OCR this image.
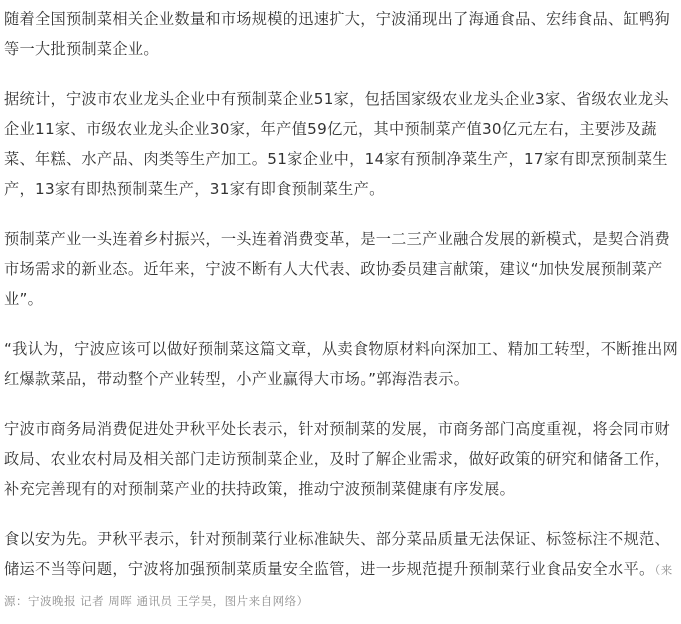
随着全国预制菜相关企业数量和市场规模的迅速扩大，宁波涌现出了海通食品、宏纬食品、缸鸭狗等一大批预制菜企业。

据统计，宁波市农业龙头企业中有预制菜企业51家，包括国家级农业龙头企业3家、省级农业龙头企业11家、市级农业龙头企业30家，年产值59亿元，其中预制菜产值30亿元左右，主要涉及蔬菜、年糕、水产品、肉类等生产加工。51家企业中，14家有预制净菜生产，17家有即烹预制菜生产，13家有即热预制菜生产，31家有即食预制菜生产。

预制菜产业一头连着乡村振兴，一头连着消费变革，是一二三产业融合发展的新模式，是契合消费市场需求的新业态。近年来，宁波不断有人大代表、政协委员建言献策，建议“加快发展预制菜产业”。

“我认为，宁波应该可以做好预制菜这篇文章，从卖食物原材料向深加工、精加工转型，不断推出网红爆款菜品，带动整个产业转型，小产业赢得大市场。”郭海浩表示。

宁波市商务局消费促进处尹秋平处长表示，针对预制菜的发展，市商务部门高度重视，将会同市财政局、农业农村局及相关部门走访预制菜企业，及时了解企业需求，做好政策的研究和储备工作，补充完善现有的对预制菜产业的扶持政策，推动宁波预制菜健康有序发展。

食以安为先。尹秋平表示，针对预制菜行业标准缺失、部分菜品质量无法保证、标签标注不规范、储运不当等问题，宁波将加强预制菜质量安全监管，进一步规范提升预制菜行业食品安全水平。（来源：宁波晚报 记者 周晖 通讯员 王学昊，图片来自网络）
